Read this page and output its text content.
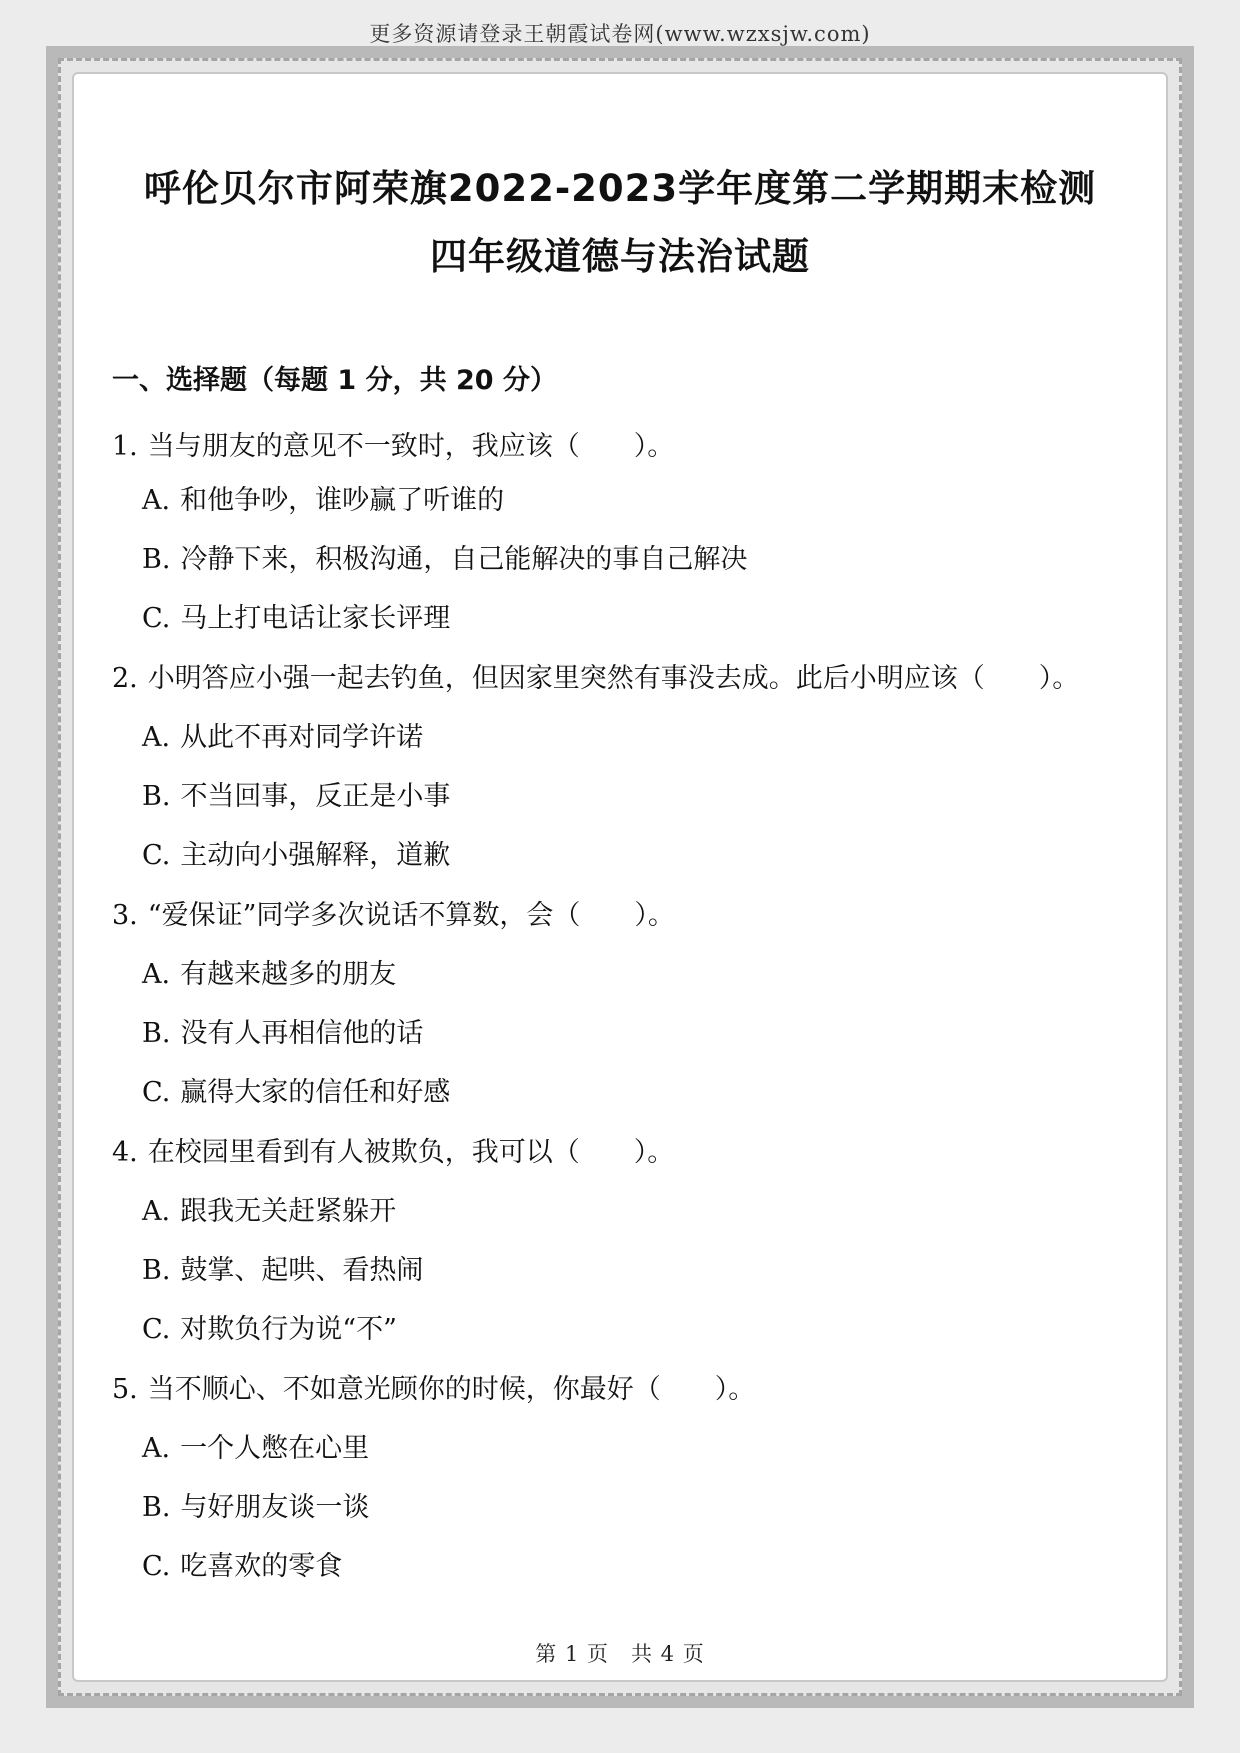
更多资源请登录王朝霞试卷网(www.wzxsjw.com)
呼伦贝尔市阿荣旗2022-2023学年度第二学期期末检测
四年级道德与法治试题
一、选择题（每题 1 分，共 20 分）
1. 当与朋友的意见不一致时，我应该（　　）。
A. 和他争吵，谁吵赢了听谁的
B. 冷静下来，积极沟通，自己能解决的事自己解决
C. 马上打电话让家长评理
2. 小明答应小强一起去钓鱼，但因家里突然有事没去成。此后小明应该（　　）。
A. 从此不再对同学许诺
B. 不当回事，反正是小事
C. 主动向小强解释，道歉
3. “爱保证”同学多次说话不算数，会（　　）。
A. 有越来越多的朋友
B. 没有人再相信他的话
C. 赢得大家的信任和好感
4. 在校园里看到有人被欺负，我可以（　　）。
A. 跟我无关赶紧躲开
B. 鼓掌、起哄、看热闹
C. 对欺负行为说“不”
5. 当不顺心、不如意光顾你的时候，你最好（　　）。
A. 一个人憋在心里
B. 与好朋友谈一谈
C. 吃喜欢的零食
第 1 页　共 4 页
